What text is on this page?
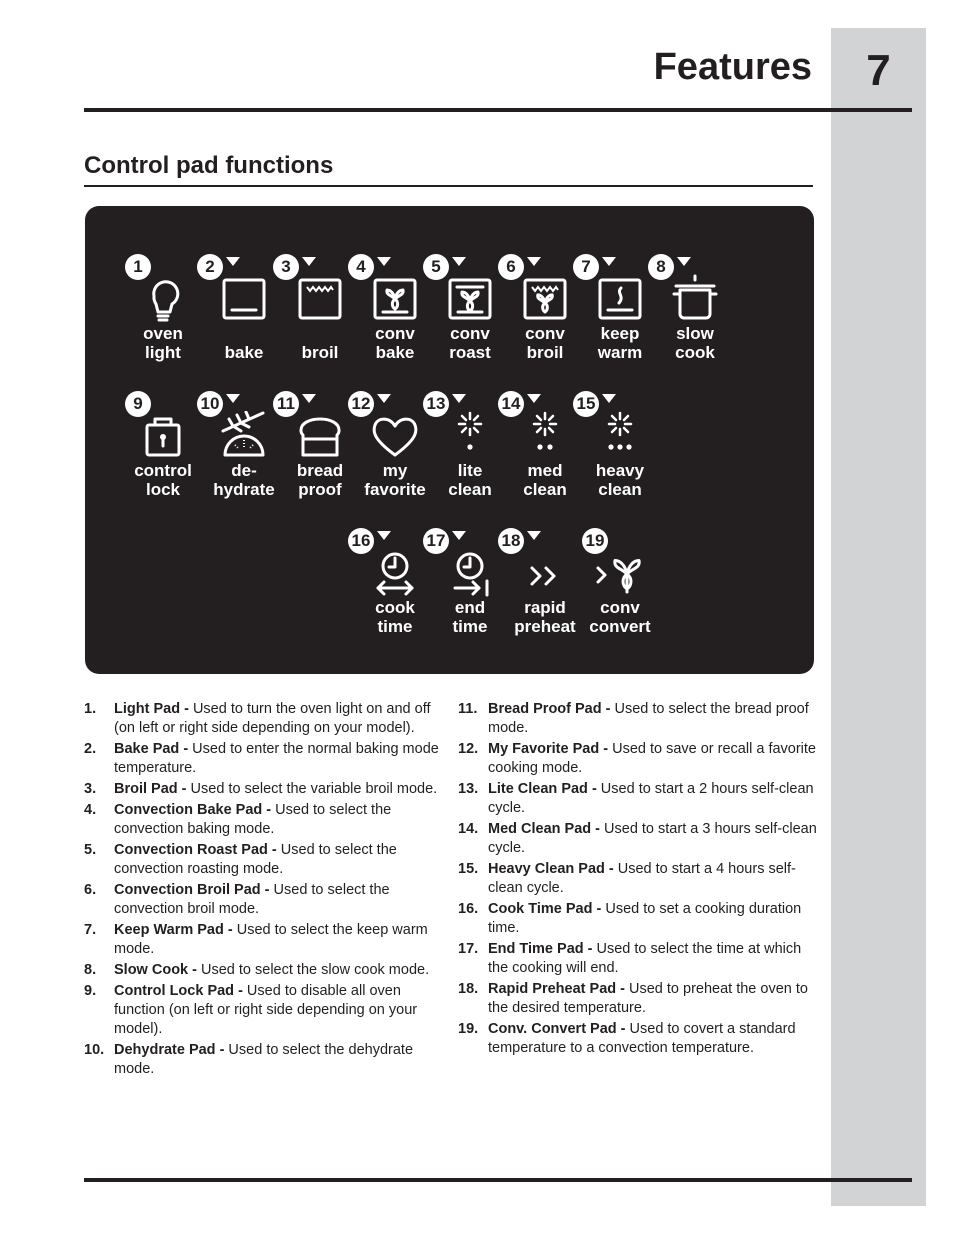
7
Features
Control pad functions
1
oven
light
2

bake
3

broil
4
conv
bake
5
conv
roast
6
conv
broil
7
keep
warm
8
slow
cook
9
control
lock
10
de-
hydrate
11
bread
proof
12
my
favorite
13
lite
clean
14
med
clean
15
heavy
clean
16
cook
time
17
end
time
18
rapid
preheat
19
conv
convert
1. Light Pad - Used to turn the oven light on and off (on left or right side depending on your model).
2. Bake Pad - Used to enter the normal baking mode temperature.
3. Broil Pad - Used to select the variable broil mode.
4. Convection Bake Pad - Used to select the convection baking mode.
5. Convection Roast Pad - Used to select the convection roasting mode.
6. Convection Broil Pad - Used to select the convection broil mode.
7. Keep Warm Pad - Used to select the keep warm mode.
8. Slow Cook - Used to select the slow cook mode.
9. Control Lock Pad - Used to disable all oven function (on left or right side depending on your model).
10. Dehydrate Pad - Used to select the dehydrate mode.
11. Bread Proof Pad - Used to select the bread proof mode.
12. My Favorite Pad - Used to save or recall a favorite cooking mode.
13. Lite Clean Pad - Used to start a 2 hours self-clean cycle.
14. Med Clean Pad - Used to start a 3 hours self-clean cycle.
15. Heavy Clean Pad - Used to start a 4 hours self-clean cycle.
16. Cook Time Pad - Used to set a cooking duration time.
17. End Time Pad - Used to select the time at which the cooking will end.
18. Rapid Preheat Pad - Used to preheat the oven to the desired temperature.
19. Conv. Convert Pad - Used to covert a standard temperature to a convection temperature.
